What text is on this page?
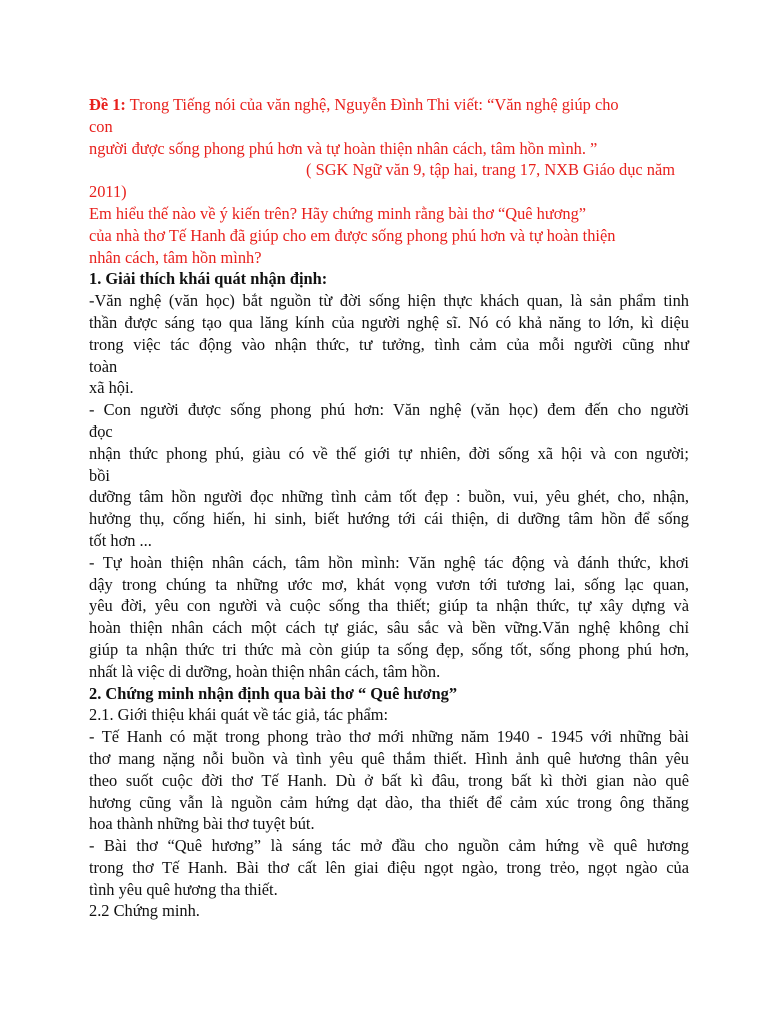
Đề 1: Trong Tiếng nói của văn nghệ, Nguyễn Đình Thi viết: “Văn nghệ giúp cho
con
người được sống phong phú hơn và tự hoàn thiện nhân cách, tâm hồn mình. ”
( SGK Ngữ văn 9, tập hai, trang 17, NXB Giáo dục năm
2011)
Em hiểu thế nào về ý kiến trên? Hãy chứng minh rằng bài thơ “Quê hương”
của nhà thơ Tế Hanh đã giúp cho em được sống phong phú hơn và tự hoàn thiện
nhân cách, tâm hồn mình?
1. Giải thích khái quát nhận định:
-Văn nghệ (văn học) bắt nguồn từ đời sống hiện thực khách quan, là sản phẩm tinh
thần được sáng tạo qua lăng kính của người nghệ sĩ. Nó có khả năng to lớn, kì diệu
trong việc tác động vào nhận thức, tư tưởng, tình cảm của mỗi người cũng như
toàn
xã hội.
- Con người được sống phong phú hơn: Văn nghệ (văn học) đem đến cho người
đọc
nhận thức phong phú, giàu có về thế giới tự nhiên, đời sống xã hội và con người;
bồi
dưỡng tâm hồn người đọc những tình cảm tốt đẹp : buồn, vui, yêu ghét, cho, nhận,
hưởng thụ, cống hiến, hi sinh, biết hướng tới cái thiện, di dưỡng tâm hồn để sống
tốt hơn ...
- Tự hoàn thiện nhân cách, tâm hồn mình: Văn nghệ tác động và đánh thức, khơi
dậy trong chúng ta những ước mơ, khát vọng vươn tới tương lai, sống lạc quan,
yêu đời, yêu con người và cuộc sống tha thiết; giúp ta nhận thức, tự xây dựng và
hoàn thiện nhân cách một cách tự giác, sâu sắc và bền vững.Văn nghệ không chỉ
giúp ta nhận thức tri thức mà còn giúp ta sống đẹp, sống tốt, sống phong phú hơn,
nhất là việc di dưỡng, hoàn thiện nhân cách, tâm hồn.
2. Chứng minh nhận định qua bài thơ “ Quê hương”
2.1. Giới thiệu khái quát về tác giả, tác phẩm:
- Tế Hanh có mặt trong phong trào thơ mới những năm 1940 - 1945 với những bài
thơ mang nặng nỗi buồn và tình yêu quê thắm thiết. Hình ảnh quê hương thân yêu
theo suốt cuộc đời thơ Tế Hanh. Dù ở bất kì đâu, trong bất kì thời gian nào quê
hương cũng vẫn là nguồn cảm hứng dạt dào, tha thiết để cảm xúc trong ông thăng
hoa thành những bài thơ tuyệt bút.
- Bài thơ “Quê hương” là sáng tác mở đầu cho nguồn cảm hứng về quê hương
trong thơ Tế Hanh. Bài thơ cất lên giai điệu ngọt ngào, trong trẻo, ngọt ngào của
tình yêu quê hương tha thiết.
2.2 Chứng minh.
